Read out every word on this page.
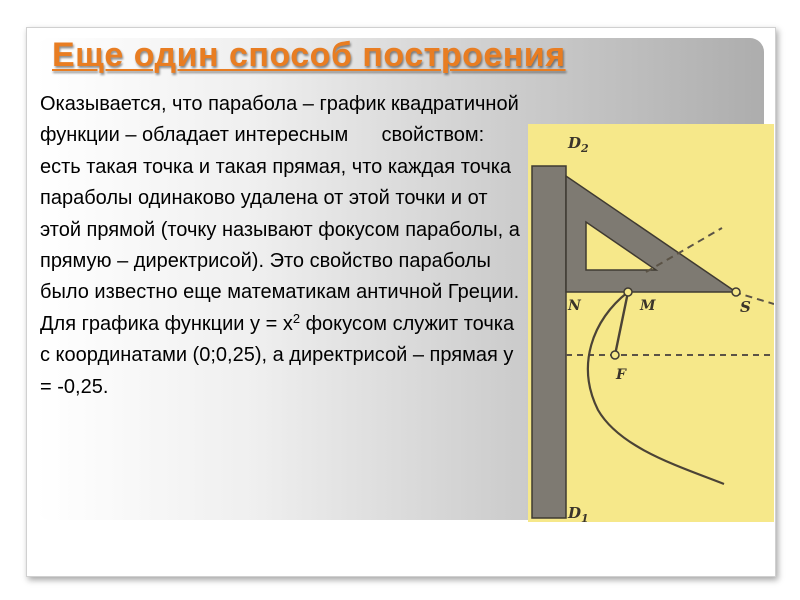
Еще один способ построения
Оказывается, что парабола – график квадратичной функции – обладает интересным      свойством: есть такая точка и такая прямая, что каждая точка параболы одинаково удалена от этой точки и от этой прямой (точку называют фокусом параболы, а прямую – директрисой). Это свойство параболы было известно еще математикам античной Греции. Для графика функции $у = х^2$ фокусом служит точка с координатами (0;0,25), а директрисой – прямая у = -0,25.
$D_2$
$D_1$
N	M	S
F
